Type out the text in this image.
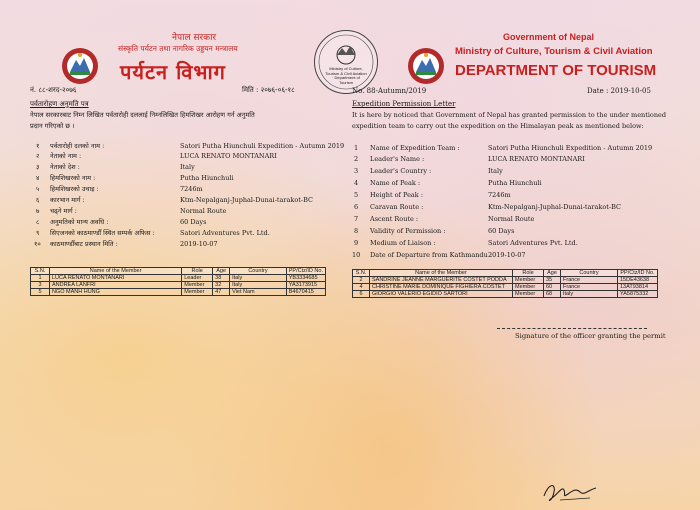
नेपाल सरकार
संस्कृति पर्यटन तथा नागरिक उड्डयन मन्त्रालय
पर्यटन विभाग	Ministry of Culture, Tourism & Civil Aviation · Department of Tourism
Government of Nepal
Ministry of Culture, Tourism & Civil Aviation
DEPARTMENT OF TOURISM
नं. ८८-शरद-२०७६	मिति : २०७६-०६-१८	No. 88-Autumn/2019	Date : 2019-10-05
पर्वतारोहण अनुमति पत्र
नेपाल सरकारबाट निम्न लिखित पर्वतारोही दललाई निम्नलिखित हिमशिखर आरोहण गर्न अनुमति
प्रदान गरिएको छ ।
Expedition Permission Letter
It is here by noticed that Government of Nepal has granted permission to the under mentioned
expedition team to carry out the expedition on the Himalayan peak as mentioned below:
१ पर्वतारोही दलको नाम :	Satori Putha Hiunchuli Expedition - Autumn 2019
२ नेताको नाम :	LUCA RENATO MONTANARI
३ नेताको देश :	Italy
४ हिमशिखरको नाम :	Putha Hiunchuli
५ हिमशिखरको उचाइ :	7246m
६ कारभान मार्ग :	Ktm-Nepalganj-Juphal-Dunai-tarakot-BC
७ चढ्ने मार्ग :	Normal Route
८ अनुमतिको मान्य अवधि :	60 Days
९ सिएजनको काठमाण्डौँ स्थित सम्पर्क अफिस :	Satori Adventures Pvt. Ltd.
१० काठमाण्डौँबाट प्रस्थान मिति :	2019-10-07
1 Name of Expedition Team :	Satori Putha Hiunchuli Expedition - Autumn 2019
2 Leader's Name :	LUCA RENATO MONTANARI
3 Leader's Country :	Italy
4 Name of Peak :	Putha Hiunchuli
5 Height of Peak :	7246m
6 Caravan Route :	Ktm-Nepalganj-Juphal-Dunai-tarakot-BC
7 Ascent Route :	Normal Route
8 Validity of Permission :	60 Days
9 Medium of Liaison :	Satori Adventures Pvt. Ltd.
10 Date of Departure from Kathmandu :
2019-10-07
S.N.	Name of the Member	Role	Age	Country	PP/Ctz/ID No.
1	LUCA RENATO MONTANARI	Leader	38	Italy	YB3334685
3	ANDREA LANFRI	Member	32	Italy	YA3173915
5	NGO MANH HUNG	Member	47	Viet Nam	B4670415
S.N.	Name of the Member	Role	Age	Country	PP/Ctz/ID No.
2	SANDRINE JEANNE MARGUERITE COSTET PODDA	Member	35	France	15DE43638
4	CHRISTINE MARIE DOMINIQUE FIGHIERA COSTET	Member	60	France	13AT93814
6	GIORGIO VALERIO EGIDIO SARTORI	Member	68	Italy	YA5875332
Signature of the officer granting the permit
